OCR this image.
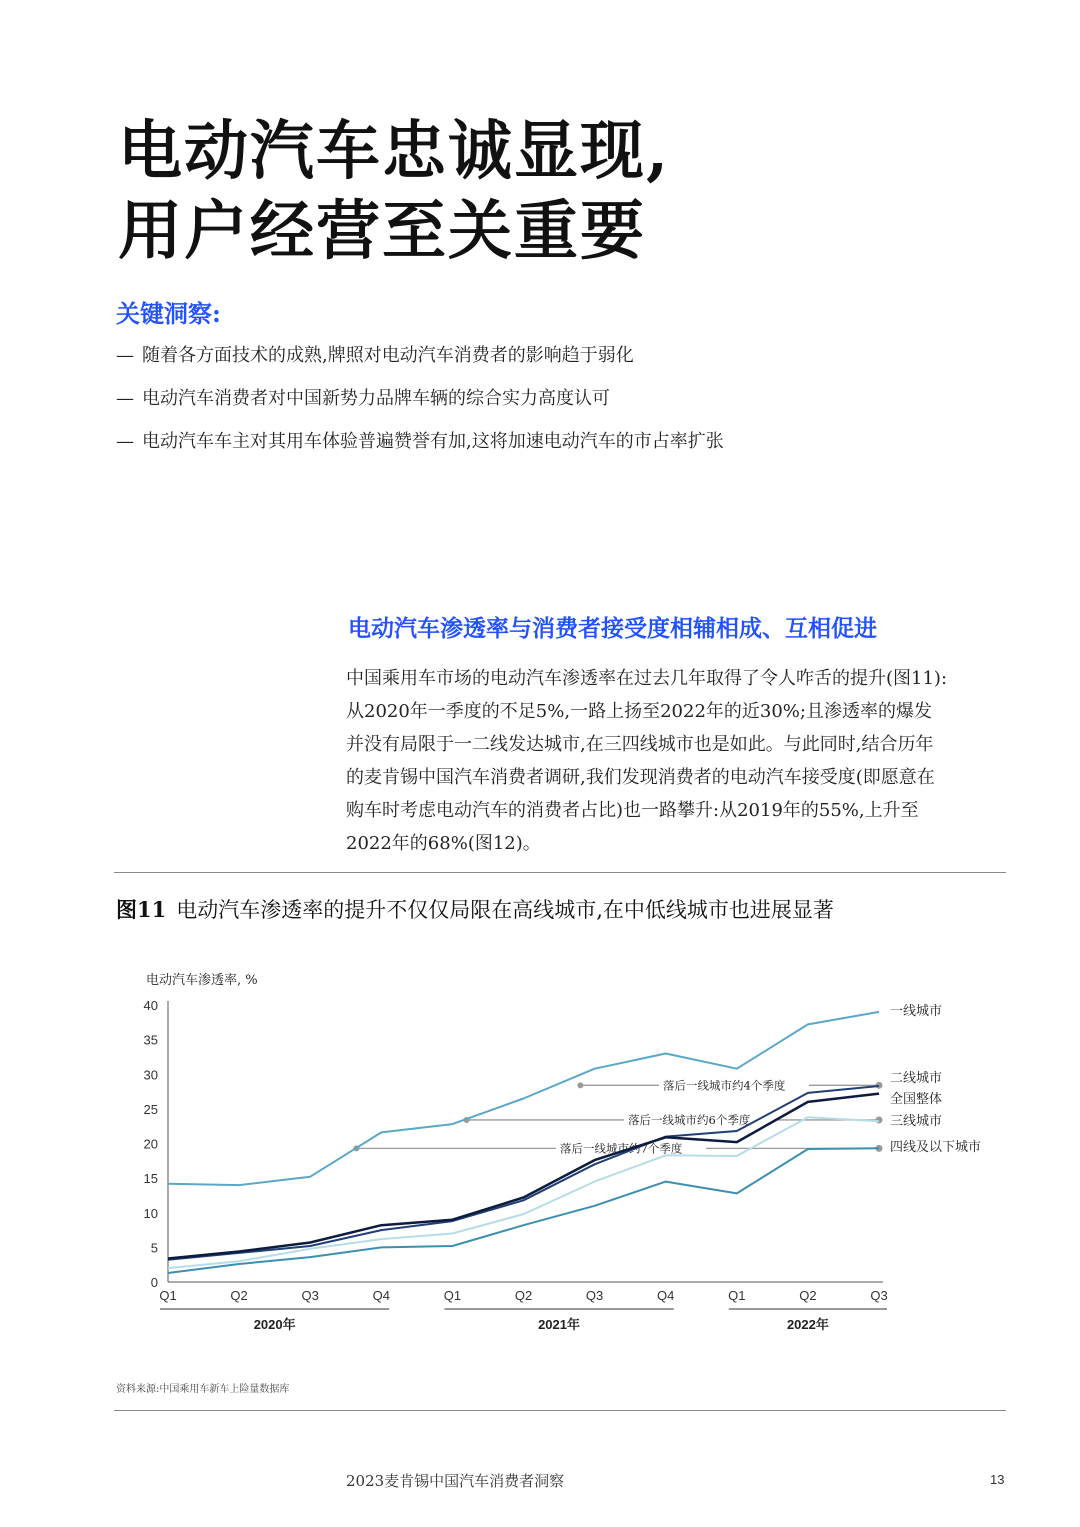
电动汽车忠诚显现,
用户经营至关重要
关键洞察:
— 随着各方面技术的成熟,牌照对电动汽车消费者的影响趋于弱化
— 电动汽车消费者对中国新势力品牌车辆的综合实力高度认可
— 电动汽车车主对其用车体验普遍赞誉有加,这将加速电动汽车的市占率扩张
电动汽车渗透率与消费者接受度相辅相成、互相促进
中国乘用车市场的电动汽车渗透率在过去几年取得了令人咋舌的提升(图11):
从2020年一季度的不足5%,一路上扬至2022年的近30%;且渗透率的爆发
并没有局限于一二线发达城市,在三四线城市也是如此。与此同时,结合历年
的麦肯锡中国汽车消费者调研,我们发现消费者的电动汽车接受度(即愿意在
购车时考虑电动汽车的消费者占比)也一路攀升:从2019年的55%,上升至
2022年的68%(图12)。
图11 电动汽车渗透率的提升不仅仅局限在高线城市,在中低线城市也进展显著
电动汽车渗透率, %
0
5
10
15
20
25
30
35
40
Q1	Q2	Q3	Q4	Q1	Q2	Q3	Q4	Q1	Q2	Q3
2020年	2021年	2022年
落后一线城市约4个季度
落后一线城市约6个季度
落后一线城市约7个季度
一线城市
二线城市
全国整体
三线城市
四线及以下城市
资料来源:中国乘用车新车上险量数据库
2023麦肯锡中国汽车消费者洞察	13
